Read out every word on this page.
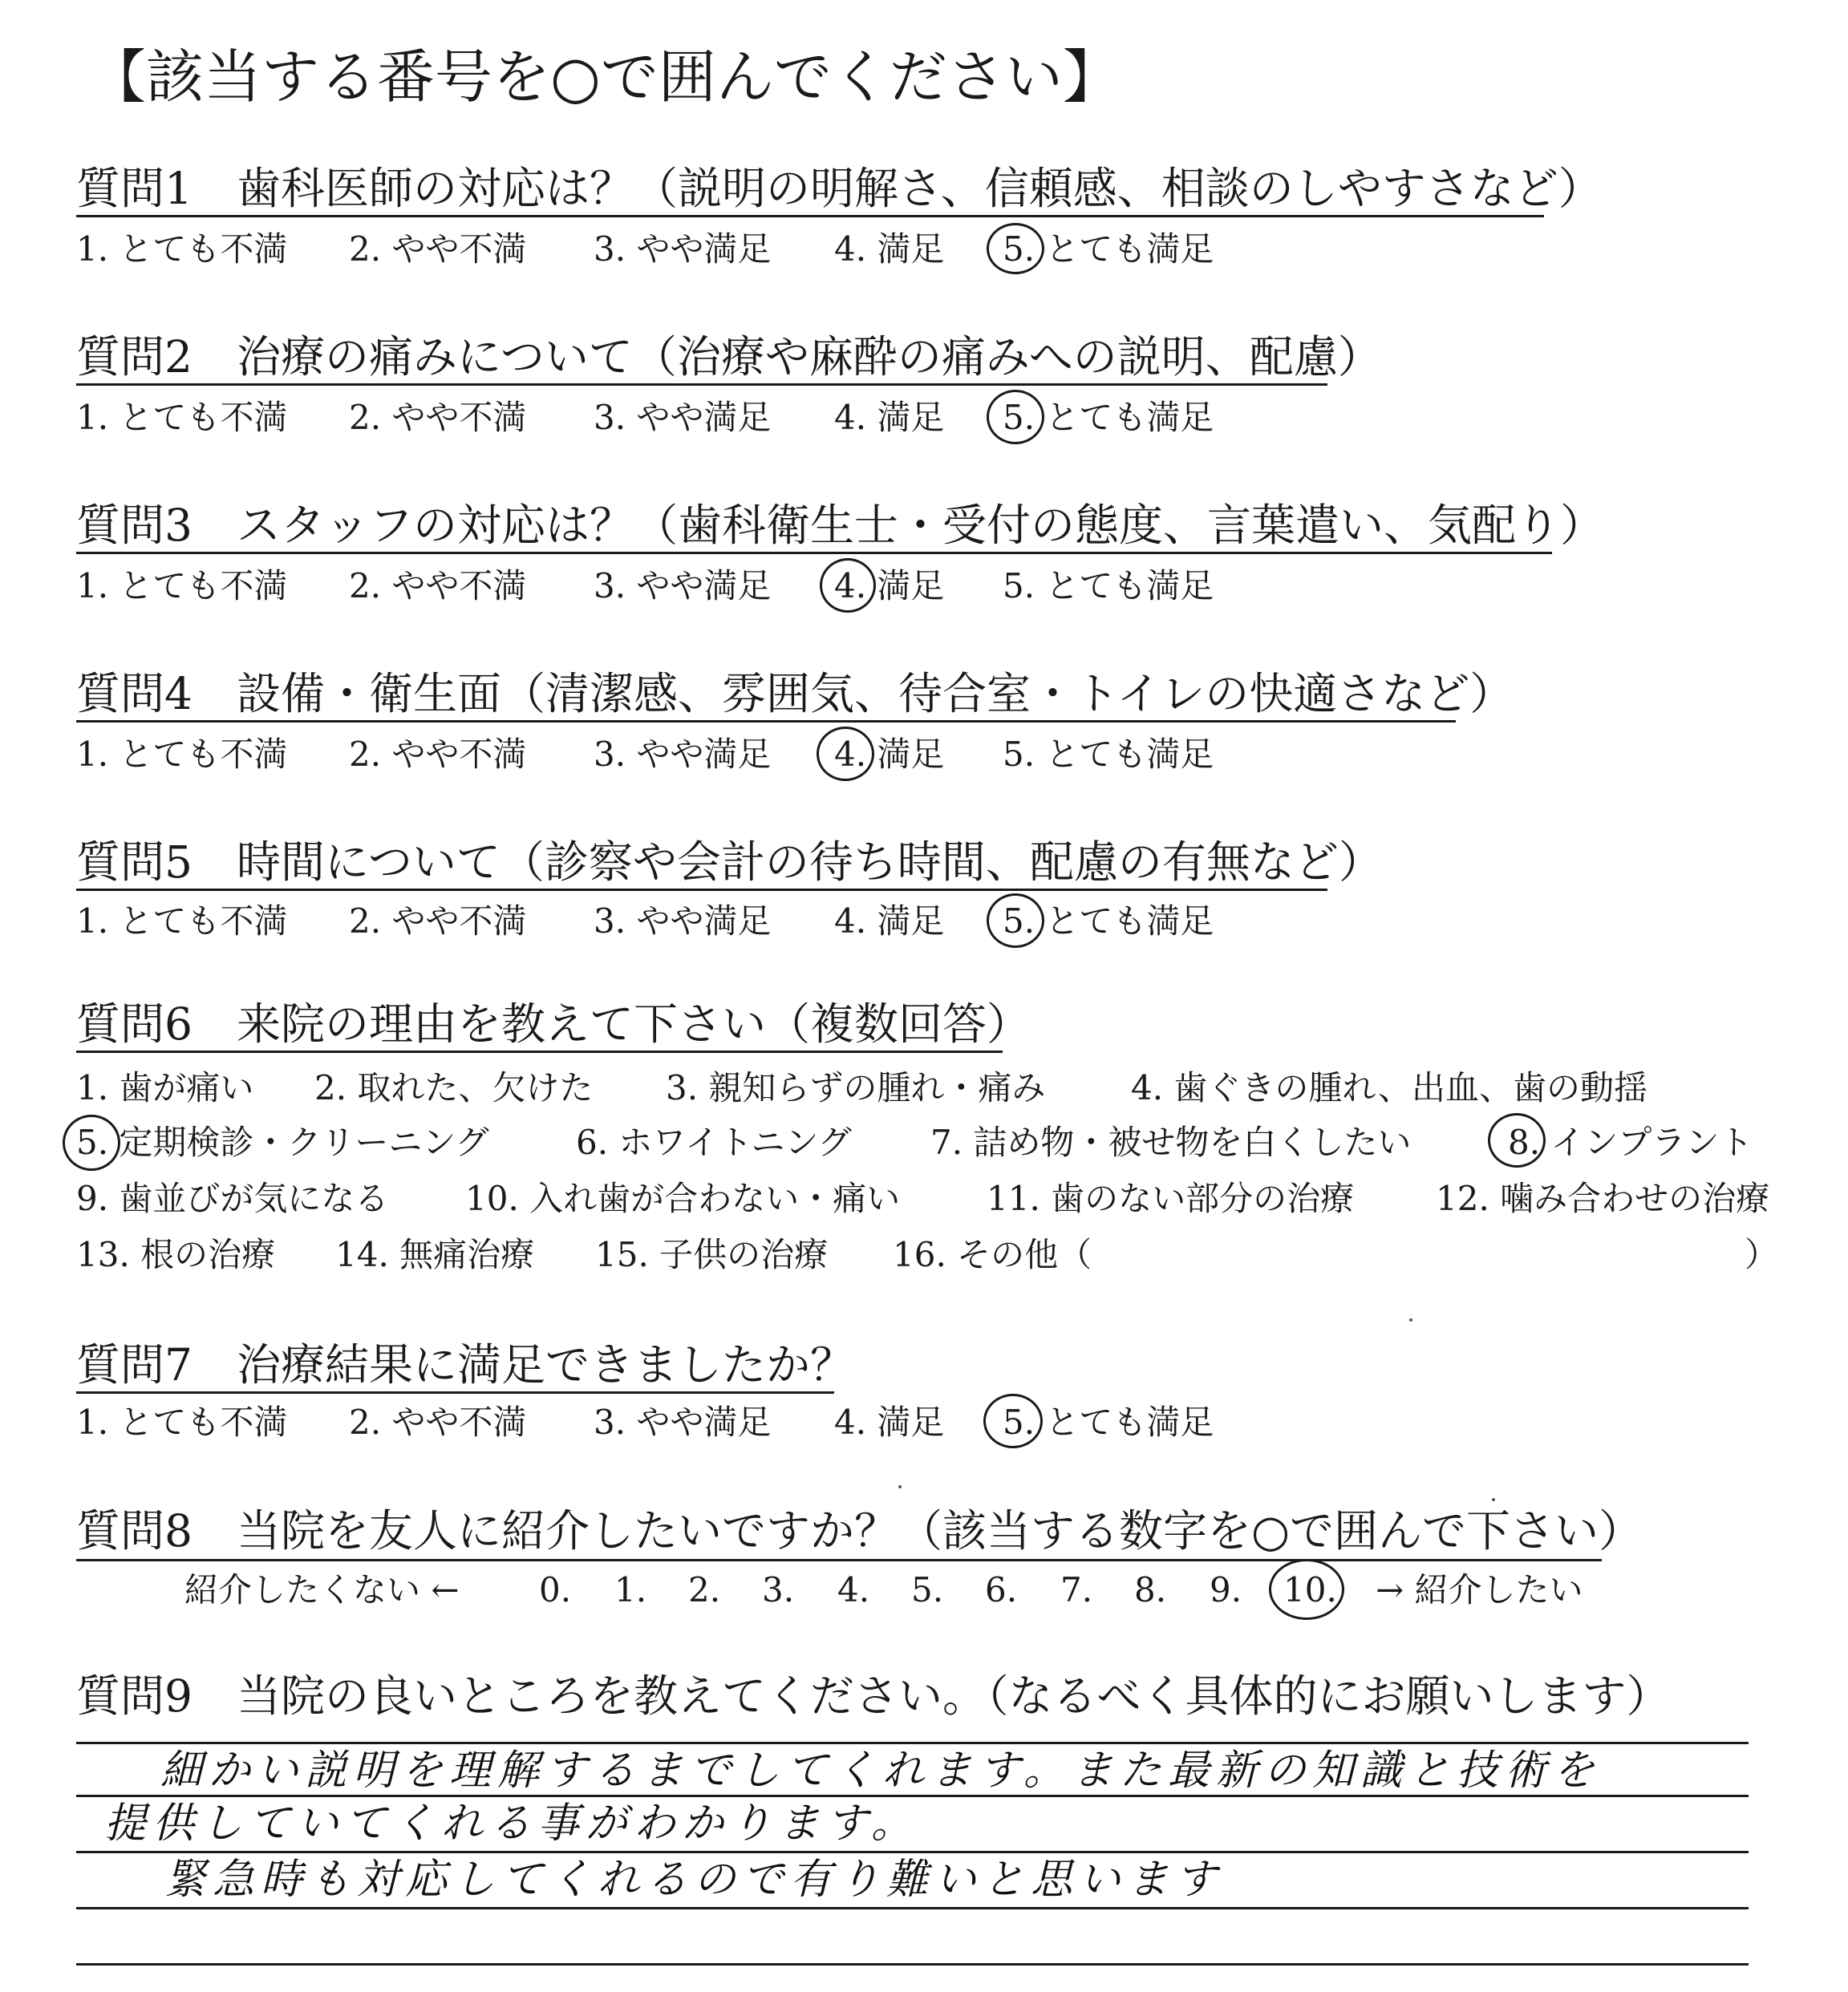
【該当する番号を○で囲んでください】
質問1　歯科医師の対応は？（説明の明解さ、信頼感、相談のしやすさなど）
1. とても不満 2. やや不満 3. やや満足 4. 満足 5. とても満足
質問2　治療の痛みについて（治療や麻酔の痛みへの説明、配慮）
1. とても不満 2. やや不満 3. やや満足 4. 満足 5. とても満足
質問3　スタッフの対応は？（歯科衛生士・受付の態度、言葉遣い、気配り）
1. とても不満 2. やや不満 3. やや満足 4. 満足 5. とても満足
質問4　設備・衛生面（清潔感、雰囲気、待合室・トイレの快適さなど）
1. とても不満 2. やや不満 3. やや満足 4. 満足 5. とても満足
質問5　時間について（診察や会計の待ち時間、配慮の有無など）
1. とても不満 2. やや不満 3. やや満足 4. 満足 5. とても満足
質問6　来院の理由を教えて下さい（複数回答）
1. 歯が痛い 2. 取れた、欠けた 3. 親知らずの腫れ・痛み	4. 歯ぐきの腫れ、出血、歯の動揺
5. 定期検診・クリーニング	6. ホワイトニング 7. 詰め物・被せ物を白くしたい	8. インプラント
9. 歯並びが気になる 10. 入れ歯が合わない・痛い	11. 歯のない部分の治療 12. 噛み合わせの治療
13. 根の治療 14. 無痛治療 15. 子供の治療 16. その他（	）
質問7　治療結果に満足できましたか？
1. とても不満 2. やや不満 3. やや満足 4. 満足 5. とても満足
質問8　当院を友人に紹介したいですか？（該当する数字を○で囲んで下さい）
紹介したくない ← 0. 1. 2. 3. 4. 5. 6. 7. 8. 9. 10. → 紹介したい
質問9　当院の良いところを教えてください。（なるべく具体的にお願いします）
細かい説明を理解するまでしてくれます。また最新の知識と技術を
提供していてくれる事がわかります。
緊急時も対応してくれるので有り難いと思います
